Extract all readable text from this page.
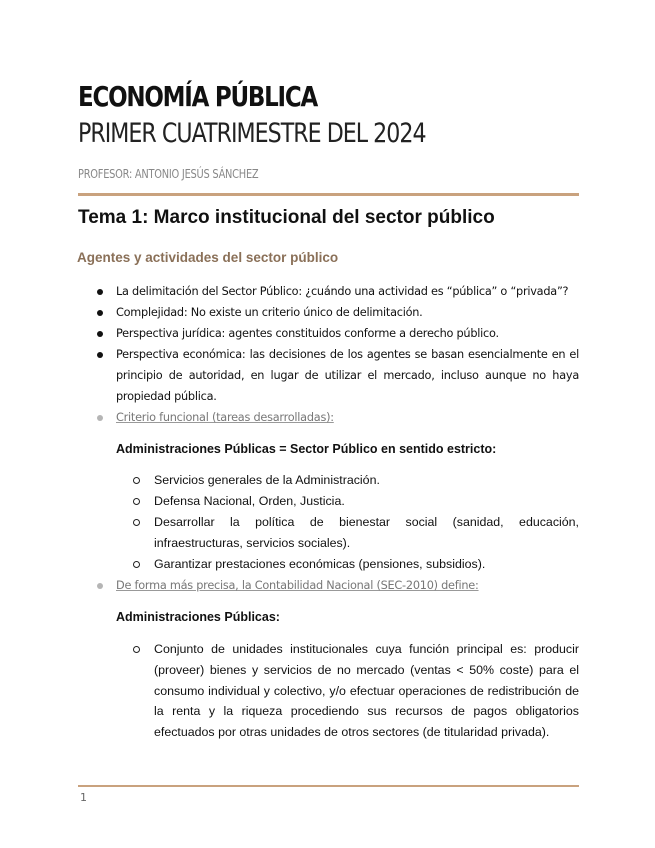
ECONOMÍA PÚBLICA
PRIMER CUATRIMESTRE DEL 2024
PROFESOR: ANTONIO JESÚS SÁNCHEZ
Tema 1: Marco institucional del sector público
Agentes y actividades del sector público
La delimitación del Sector Público: ¿cuándo una actividad es “pública” o “privada”?
Complejidad: No existe un criterio único de delimitación.
Perspectiva jurídica: agentes constituidos conforme a derecho público.
Perspectiva económica: las decisiones de los agentes se basan esencialmente en el principio de autoridad, en lugar de utilizar el mercado, incluso aunque no haya propiedad pública.
Criterio funcional (tareas desarrolladas):
Administraciones Públicas = Sector Público en sentido estricto:
Servicios generales de la Administración.
Defensa Nacional, Orden, Justicia.
Desarrollar la política de bienestar social (sanidad, educación, infraestructuras, servicios sociales).
Garantizar prestaciones económicas (pensiones, subsidios).
De forma más precisa, la Contabilidad Nacional (SEC-2010) define:
Administraciones Públicas:
Conjunto de unidades institucionales cuya función principal es: producir (proveer) bienes y servicios de no mercado (ventas < 50% coste) para el consumo individual y colectivo, y/o efectuar operaciones de redistribución de la renta y la riqueza procediendo sus recursos de pagos obligatorios efectuados por otras unidades de otros sectores (de titularidad privada).
1
